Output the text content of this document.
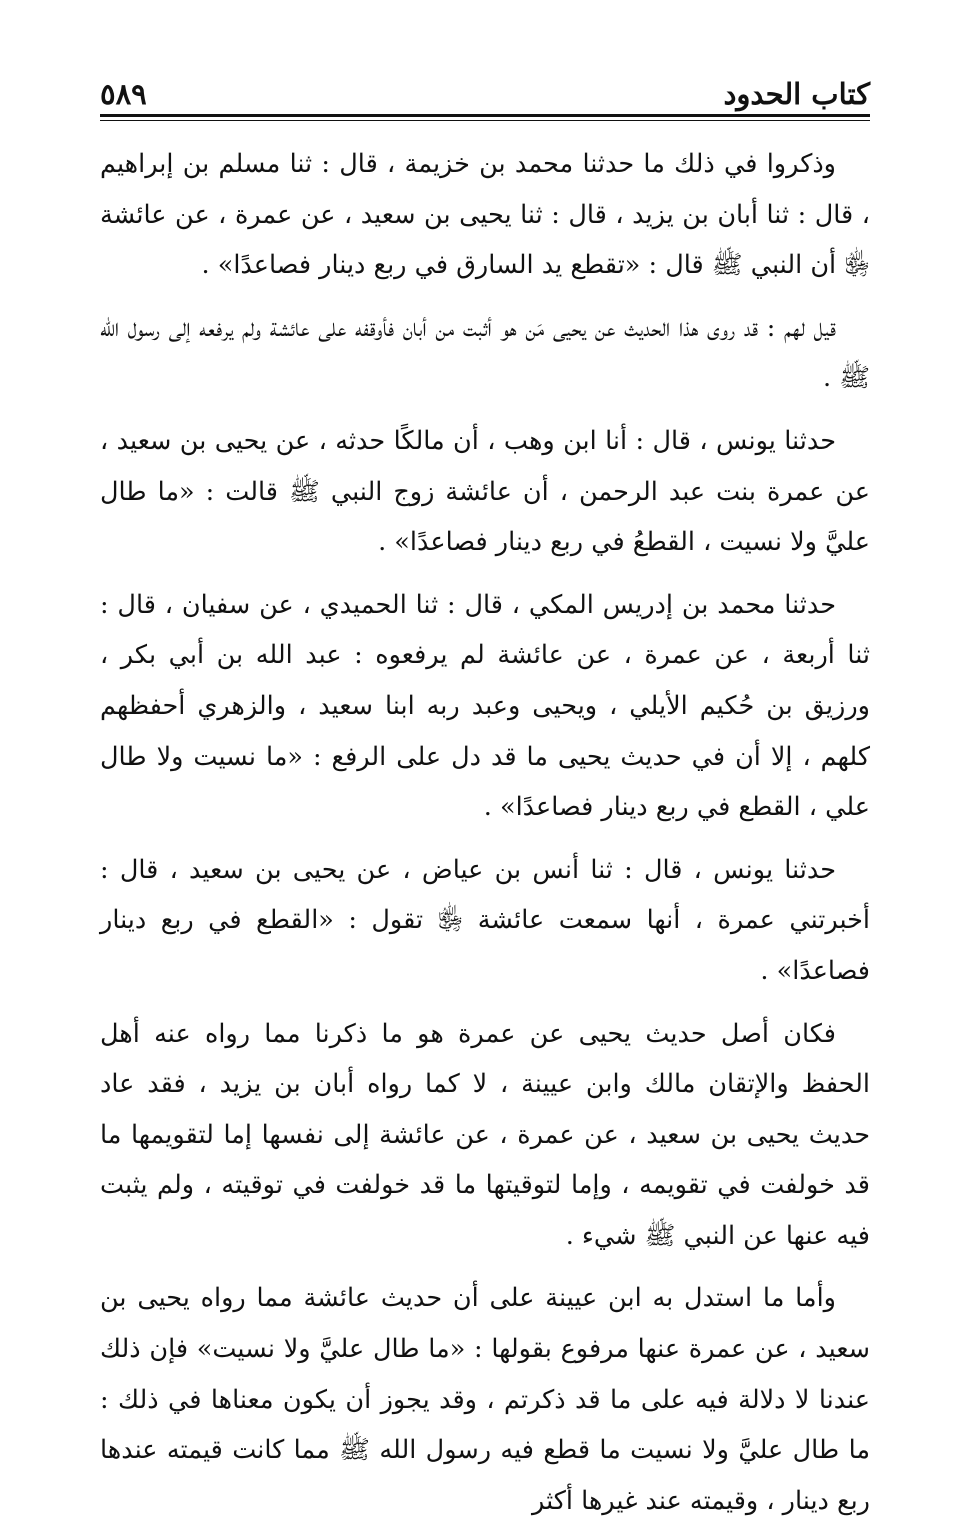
كتاب الحدود
٥٨٩

وذكروا في ذلك ما حدثنا محمد بن خزيمة ، قال : ثنا مسلم بن إبراهيم ، قال : ثنا أبان بن يزيد ، قال : ثنا يحيى بن سعيد ، عن عمرة ، عن عائشة ﵂ أن النبي ﷺ قال : «تقطع يد السارق في ربع دينار فصاعدًا» .

قيل لهم : قد روى هذا الحديث عن يحيى مَن هو أثبت من أبان فأوقفه على عائشة ولم يرفعه إلى رسول الله ﷺ .

حدثنا يونس ، قال : أنا ابن وهب ، أن مالكًا حدثه ، عن يحيى بن سعيد ، عن عمرة بنت عبد الرحمن ، أن عائشة زوج النبي ﷺ قالت : «ما طال عليَّ ولا نسيت ، القطعُ في ربع دينار فصاعدًا» .

حدثنا محمد بن إدريس المكي ، قال : ثنا الحميدي ، عن سفيان ، قال : ثنا أربعة ، عن عمرة ، عن عائشة لم يرفعوه : عبد الله بن أبي بكر ، ورزيق بن حُكيم الأيلي ، ويحيى وعبد ربه ابنا سعيد ، والزهري أحفظهم كلهم ، إلا أن في حديث يحيى ما قد دل على الرفع : «ما نسيت ولا طال علي ، القطع في ربع دينار فصاعدًا» .

حدثنا يونس ، قال : ثنا أنس بن عياض ، عن يحيى بن سعيد ، قال : أخبرتني عمرة ، أنها سمعت عائشة ﵂ تقول : «القطع في ربع دينار فصاعدًا» .

فكان أصل حديث يحيى عن عمرة هو ما ذكرنا مما رواه عنه أهل الحفظ والإتقان مالك وابن عيينة ، لا كما رواه أبان بن يزيد ، فقد عاد حديث يحيى بن سعيد ، عن عمرة ، عن عائشة إلى نفسها إما لتقويمها ما قد خولفت في تقويمه ، وإما لتوقيتها ما قد خولفت في توقيته ، ولم يثبت فيه عنها عن النبي ﷺ شيء .

وأما ما استدل به ابن عيينة على أن حديث عائشة مما رواه يحيى بن سعيد ، عن عمرة عنها مرفوع بقولها : «ما طال عليَّ ولا نسيت» فإن ذلك عندنا لا دلالة فيه على ما قد ذكرتم ، وقد يجوز أن يكون معناها في ذلك : ما طال عليَّ ولا نسيت ما قطع فيه رسول الله ﷺ مما كانت قيمته عندها ربع دينار ، وقيمته عند غيرها أكثر
